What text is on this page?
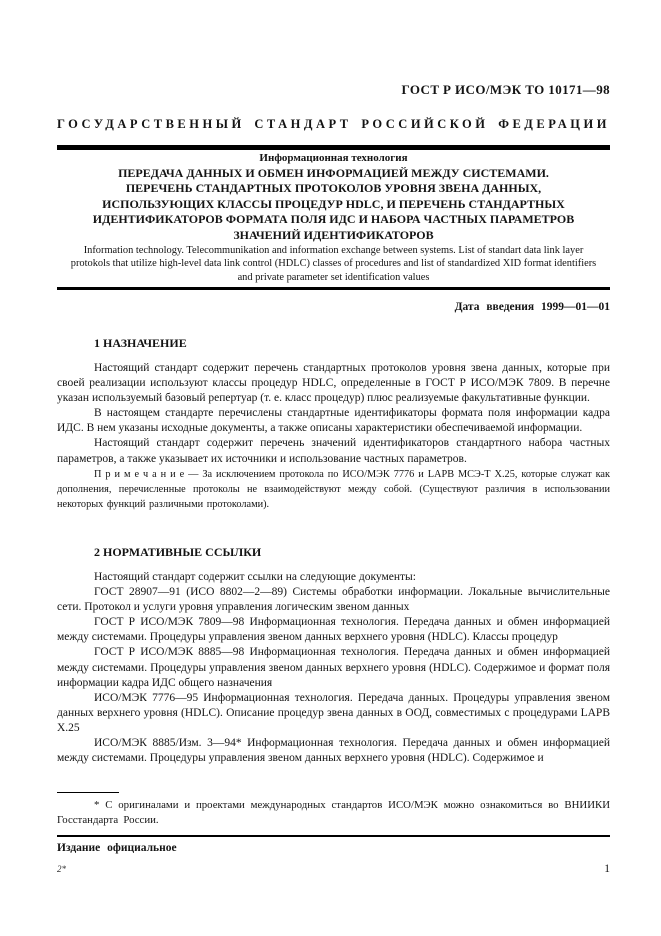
ГОСТ Р ИСО/МЭК ТО 10171—98
ГОСУДАРСТВЕННЫЙ СТАНДАРТ РОССИЙСКОЙ ФЕДЕРАЦИИ
Информационная технология
ПЕРЕДАЧА ДАННЫХ И ОБМЕН ИНФОРМАЦИЕЙ МЕЖДУ СИСТЕМАМИ.
ПЕРЕЧЕНЬ СТАНДАРТНЫХ ПРОТОКОЛОВ УРОВНЯ ЗВЕНА ДАННЫХ,
ИСПОЛЬЗУЮЩИХ КЛАССЫ ПРОЦЕДУР HDLC, И ПЕРЕЧЕНЬ СТАНДАРТНЫХ
ИДЕНТИФИКАТОРОВ ФОРМАТА ПОЛЯ ИДС И НАБОРА ЧАСТНЫХ ПАРАМЕТРОВ
ЗНАЧЕНИЙ ИДЕНТИФИКАТОРОВ
Information technology. Telecommunikation and information exchange between systems. List of standart data link layer protokols that utilize high-level data link control (HDLC) classes of procedures and list of standardized XID format identifiers and private parameter set identification values
Дата введения 1999—01—01
1 НАЗНАЧЕНИЕ

Настоящий стандарт содержит перечень стандартных протоколов уровня звена данных, которые при своей реализации используют классы процедур HDLC, определенные в ГОСТ Р ИСО/МЭК 7809. В перечне указан используемый базовый репертуар (т. е. класс процедур) плюс реализуемые факультативные функции.

В настоящем стандарте перечислены стандартные идентификаторы формата поля информации кадра ИДС. В нем указаны исходные документы, а также описаны характеристики обеспечиваемой информации.

Настоящий стандарт содержит перечень значений идентификаторов стандартного набора частных параметров, а также указывает их источники и использование частных параметров.

П р и м е ч а н и е — За исключением протокола по ИСО/МЭК 7776 и LAPB МСЭ-Т Х.25, которые служат как дополнения, перечисленные протоколы не взаимодействуют между собой. (Существуют различия в использовании некоторых функций различными протоколами).

2 НОРМАТИВНЫЕ ССЫЛКИ

Настоящий стандарт содержит ссылки на следующие документы:

ГОСТ 28907—91 (ИСО 8802—2—89) Системы обработки информации. Локальные вычислительные сети. Протокол и услуги уровня управления логическим звеном данных

ГОСТ Р ИСО/МЭК 7809—98 Информационная технология. Передача данных и обмен информацией между системами. Процедуры управления звеном данных верхнего уровня (HDLC). Классы процедур

ГОСТ Р ИСО/МЭК 8885—98 Информационная технология. Передача данных и обмен информацией между системами. Процедуры управления звеном данных верхнего уровня (HDLC). Содержимое и формат поля информации кадра ИДС общего назначения

ИСО/МЭК 7776—95 Информационная технология. Передача данных. Процедуры управления звеном данных верхнего уровня (HDLC). Описание процедур звена данных в ООД, совместимых с процедурами LAPB X.25

ИСО/МЭК 8885/Изм. 3—94* Информационная технология. Передача данных и обмен информацией между системами. Процедуры управления звеном данных верхнего уровня (HDLC). Содержимое и

* С оригиналами и проектами международных стандартов ИСО/МЭК можно ознакомиться во ВНИИКИ Госстандарта России.
Издание официальное
2*	1
